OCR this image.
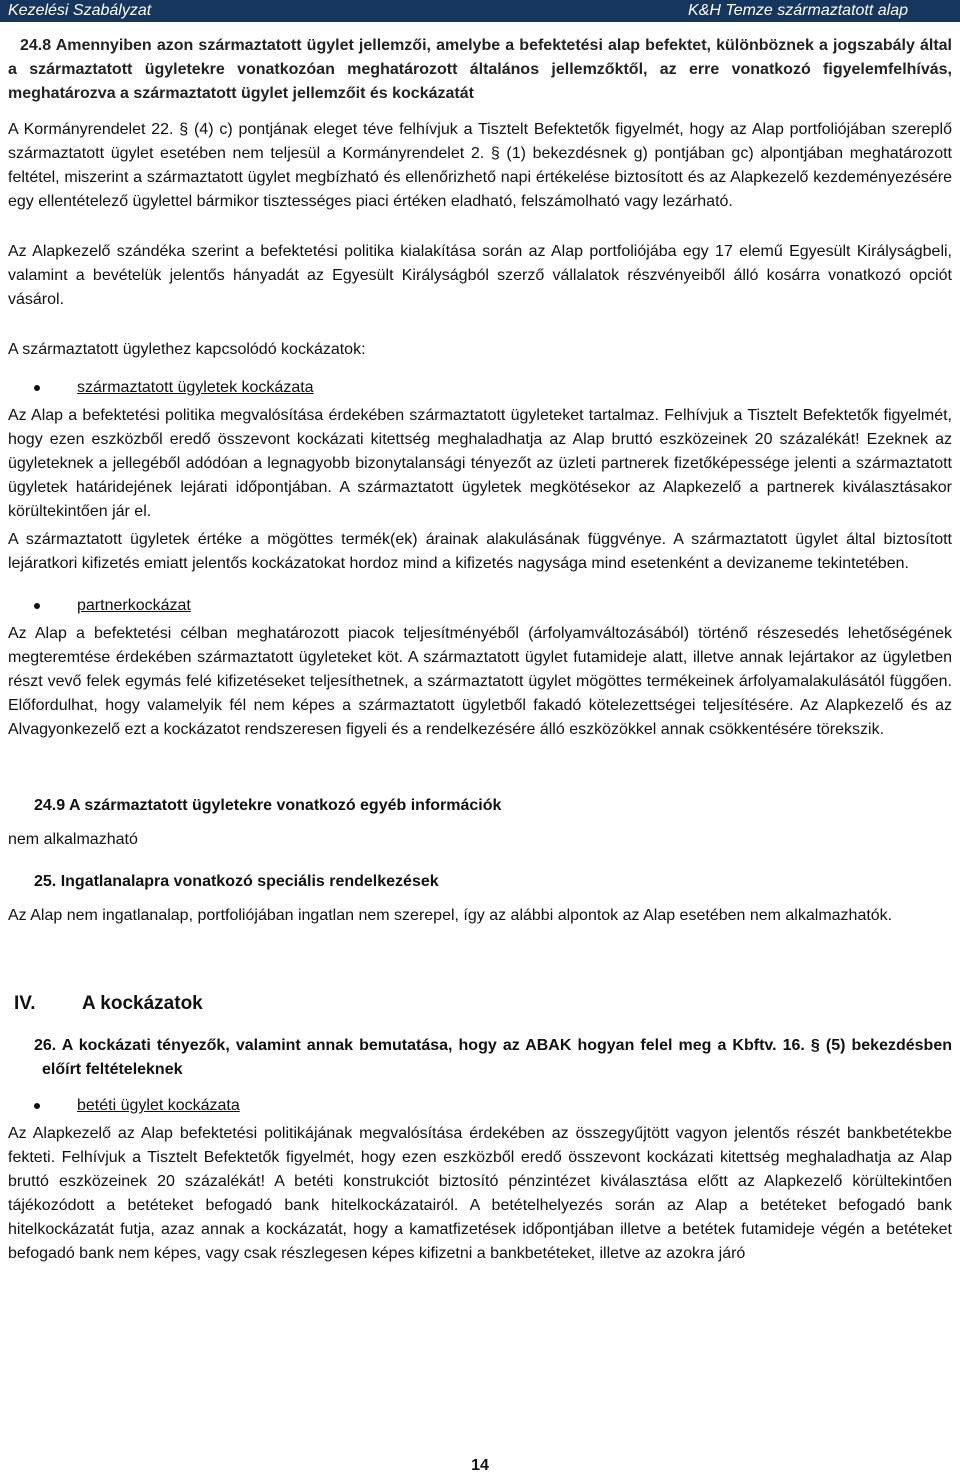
Kezelési Szabályzat	K&H Temze származtatott alap

24.8 Amennyiben azon származtatott ügylet jellemzői, amelybe a befektetési alap befektet, különböznek a jogszabály által a származtatott ügyletekre vonatkozóan meghatározott általános jellemzőktől, az erre vonatkozó figyelemfelhívás, meghatározva a származtatott ügylet jellemzőit és kockázatát

A Kormányrendelet 22. § (4) c) pontjának eleget téve felhívjuk a Tisztelt Befektetők figyelmét, hogy az Alap portfoliójában szereplő származtatott ügylet esetében nem teljesül a Kormányrendelet 2. § (1) bekezdésnek g) pontjában gc) alpontjában meghatározott feltétel, miszerint a származtatott ügylet megbízható és ellenőrizhető napi értékelése biztosított és az Alapkezelő kezdeményezésére egy ellentételező ügylettel bármikor tisztességes piaci értéken eladható, felszámolható vagy lezárható.

Az Alapkezelő szándéka szerint a befektetési politika kialakítása során az Alap portfoliójába egy 17 elemű Egyesült Királyságbeli, valamint a bevételük jelentős hányadát az Egyesült Királyságból szerző vállalatok részvényeiből álló kosárra vonatkozó opciót vásárol.

A származtatott ügylethez kapcsolódó kockázatok:

származtatott ügyletek kockázata

Az Alap a befektetési politika megvalósítása érdekében származtatott ügyleteket tartalmaz. Felhívjuk a Tisztelt Befektetők figyelmét, hogy ezen eszközből eredő összevont kockázati kitettség meghaladhatja az Alap bruttó eszközeinek 20 százalékát! Ezeknek az ügyleteknek a jellegéből adódóan a legnagyobb bizonytalansági tényezőt az üzleti partnerek fizetőképessége jelenti a származtatott ügyletek határidejének lejárati időpontjában. A származtatott ügyletek megkötésekor az Alapkezelő a partnerek kiválasztásakor körültekintően jár el.

A származtatott ügyletek értéke a mögöttes termék(ek) árainak alakulásának függvénye. A származtatott ügylet által biztosított lejáratkori kifizetés emiatt jelentős kockázatokat hordoz mind a kifizetés nagysága mind esetenként a devizaneme tekintetében.

partnerkockázat

Az Alap a befektetési célban meghatározott piacok teljesítményéből (árfolyamváltozásából) történő részesedés lehetőségének megteremtése érdekében származtatott ügyleteket köt. A származtatott ügylet futamideje alatt, illetve annak lejártakor az ügyletben részt vevő felek egymás felé kifizetéseket teljesíthetnek, a származtatott ügylet mögöttes termékeinek árfolyamalakulásától függően. Előfordulhat, hogy valamelyik fél nem képes a származtatott ügyletből fakadó kötelezettségei teljesítésére. Az Alapkezelő és az Alvagyonkezelő ezt a kockázatot rendszeresen figyeli és a rendelkezésére álló eszközökkel annak csökkentésére törekszik.

24.9 A származtatott ügyletekre vonatkozó egyéb információk

nem alkalmazható

25. Ingatlanalapra vonatkozó speciális rendelkezések

Az Alap nem ingatlanalap, portfoliójában ingatlan nem szerepel, így az alábbi alpontok az Alap esetében nem alkalmazhatók.

IV. A kockázatok

26. A kockázati tényezők, valamint annak bemutatása, hogy az ABAK hogyan felel meg a Kbftv. 16. § (5) bekezdésben előírt feltételeknek

betéti ügylet kockázata

Az Alapkezelő az Alap befektetési politikájának megvalósítása érdekében az összegyűjtött vagyon jelentős részét bankbetétekbe fekteti. Felhívjuk a Tisztelt Befektetők figyelmét, hogy ezen eszközből eredő összevont kockázati kitettség meghaladhatja az Alap bruttó eszközeinek 20 százalékát! A betéti konstrukciót biztosító pénzintézet kiválasztása előtt az Alapkezelő körültekintően tájékozódott a betéteket befogadó bank hitelkockázatairól. A betételhelyezés során az Alap a betéteket befogadó bank hitelkockázatát futja, azaz annak a kockázatát, hogy a kamatfizetések időpontjában illetve a betétek futamideje végén a betéteket befogadó bank nem képes, vagy csak részlegesen képes kifizetni a bankbetéteket, illetve az azokra járó

14
